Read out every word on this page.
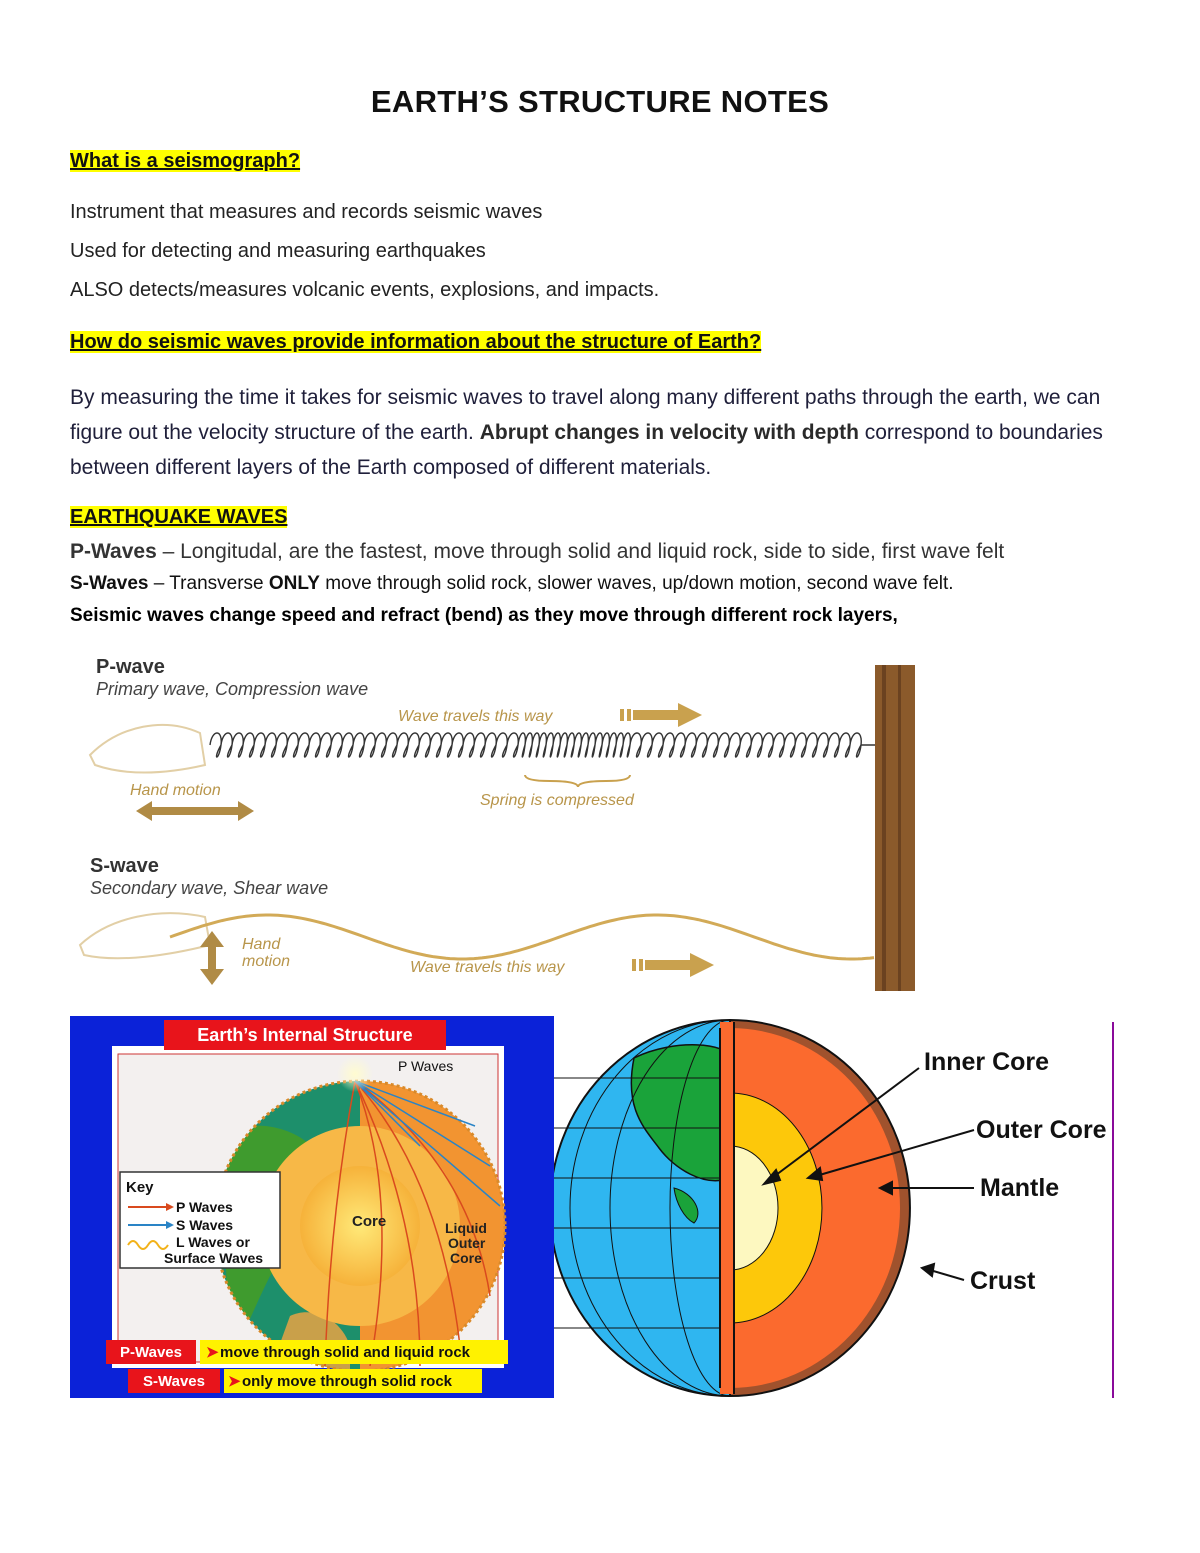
EARTH’S STRUCTURE NOTES
What is a seismograph?
Instrument that measures and records seismic waves
Used for detecting and measuring earthquakes
ALSO detects/measures volcanic events, explosions, and impacts.
How do seismic waves provide information about the structure of Earth?
By measuring the time it takes for seismic waves to travel along many different paths through the earth, we can figure out the velocity structure of the earth. Abrupt changes in velocity with depth correspond to boundaries between different layers of the Earth composed of different materials.
EARTHQUAKE WAVES
P-Waves – Longitudal, are the fastest, move through solid and liquid rock, side to side, first wave felt
S-Waves – Transverse ONLY move through solid rock, slower waves, up/down motion, second wave felt.
Seismic waves change speed and refract (bend) as they move through different rock layers,
P-wave
Primary wave, Compression wave
Wave travels this way
Hand motion
Spring is compressed
S-wave
Secondary wave, Shear wave
Hand
motion	Wave travels this way
Earth’s Internal Structure
P Waves
Key
P Waves
S Waves
L Waves or
Surface Waves
Core	Liquid
Outer
Core
P-Waves ➤ move through solid and liquid rock
S-Waves ➤ only move through solid rock
Inner Core
Outer Core
Mantle
Crust
